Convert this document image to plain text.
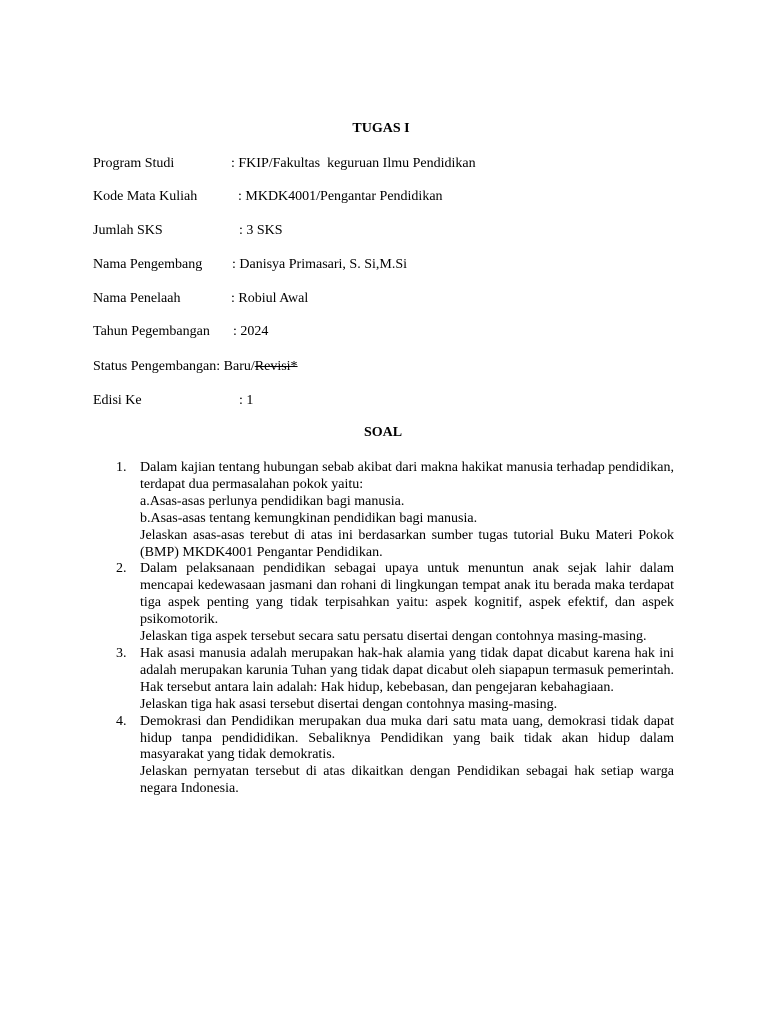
TUGAS I

Program Studi

	: FKIP/Fakultas  keguruan Ilmu Pendidikan

Kode Mata Kuliah

	: MKDK4001/Pengantar Pendidikan

Jumlah SKS

	: 3 SKS

Nama Pengembang

: Danisya Primasari, S. Si,M.Si

Nama Penelaah

	: Robiul Awal

Tahun Pegembangan

: 2024

Status Pengembangan: Baru/Revisi*

Edisi Ke

	: 1

SOAL
1. Dalam kajian tentang hubungan sebab akibat dari makna hakikat manusia terhadap pendidikan, terdapat dua permasalahan pokok yaitu:

a.Asas-asas perlunya pendidikan bagi manusia.

b.Asas-asas tentang kemungkinan pendidikan bagi manusia.

Jelaskan asas-asas terebut di atas ini berdasarkan sumber tugas tutorial Buku Materi Pokok (BMP) MKDK4001 Pengantar Pendidikan.

2. Dalam pelaksanaan pendidikan sebagai upaya untuk menuntun anak sejak lahir dalam mencapai kedewasaan jasmani dan rohani di lingkungan tempat anak itu berada maka terdapat tiga aspek penting yang tidak terpisahkan yaitu: aspek kognitif, aspek efektif, dan aspek psikomotorik.

Jelaskan tiga aspek tersebut secara satu persatu disertai dengan contohnya masing-masing.

3. Hak asasi manusia adalah merupakan hak-hak alamia yang tidak dapat dicabut karena hak ini adalah merupakan karunia Tuhan yang tidak dapat dicabut oleh siapapun termasuk pemerintah. Hak tersebut antara lain adalah: Hak hidup, kebebasan, dan pengejaran kebahagiaan.

Jelaskan tiga hak asasi tersebut disertai dengan contohnya masing-masing.

4. Demokrasi dan Pendidikan merupakan dua muka dari satu mata uang, demokrasi tidak dapat hidup tanpa pendididikan. Sebaliknya Pendidikan yang baik tidak akan hidup dalam masyarakat yang tidak demokratis.

Jelaskan pernyatan tersebut di atas dikaitkan dengan Pendidikan sebagai hak setiap warga negara Indonesia.
